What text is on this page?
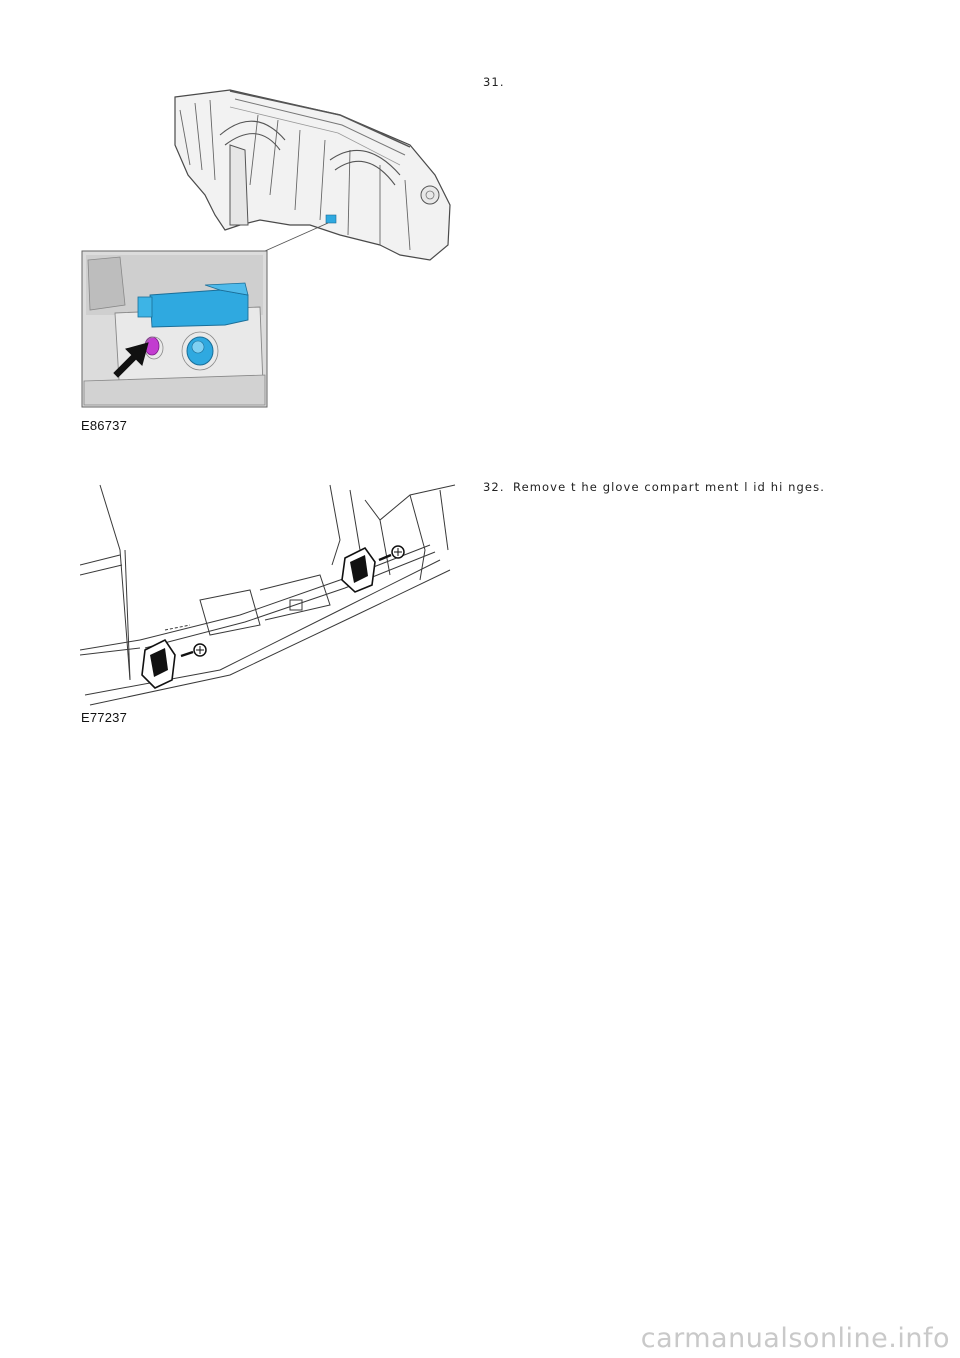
E86737
31.
E77237
32. Remove t he glove compart ment l id hi nges.
carmanualsonline.info
